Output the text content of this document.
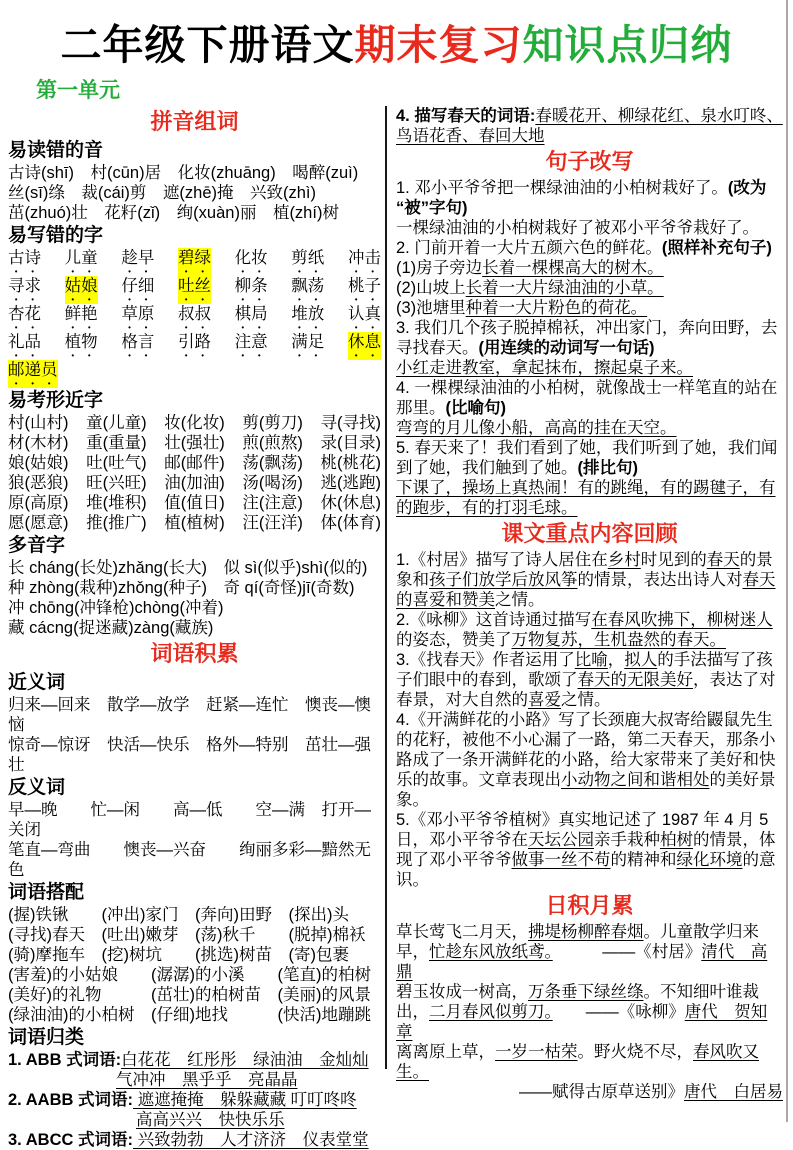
二年级下册语文期末复习知识点归纳
第一单元
拼音组词
易读错的音
古诗(shī)　村(cūn)居　化妆(zhuāng)　喝醉(zuì)
丝(sī)绦　裁(cái)剪　遮(zhē)掩　兴致(zhì)
茁(zhuó)壮　花籽(zǐ)　绚(xuàn)丽　植(zhí)树
易写错的字
古诗 儿童 趁早 碧绿 化妆 剪纸 冲击
寻求 姑娘 仔细 吐丝 柳条 飘荡 桃子
杏花 鲜艳 草原 叔叔 棋局 堆放 认真
礼品 植物 格言 引路 注意 满足 休息
邮递员
易考形近字
村(山村) 童(儿童) 妆(化妆) 剪(剪刀) 寻(寻找)
材(木材) 重(重量) 壮(强壮) 煎(煎熬) 录(目录)
娘(姑娘) 吐(吐气) 邮(邮件) 荡(飘荡) 桃(桃花)
狼(恶狼) 旺(兴旺) 油(加油) 汤(喝汤) 逃(逃跑)
原(高原) 堆(堆积) 值(值日) 注(注意) 休(休息)
愿(愿意) 推(推广) 植(植树) 汪(汪洋) 体(体育)
多音字
长 cháng(长处)zhǎng(长大)　似 sì(似乎)shì(似的)
种 zhòng(栽种)zhǒng(种子)　奇 qí(奇怪)jī(奇数)
冲 chōng(冲锋枪)chòng(冲着)
藏 cácng(捉迷藏)zàng(藏族)
词语积累
近义词
归来—回来　散学—放学　赶紧—连忙　懊丧—懊恼
惊奇—惊讶　快活—快乐　格外—特别　茁壮—强壮
反义词
早—晚　　忙—闲　　高—低　　空—满　打开—关闭
笔直—弯曲　　懊丧—兴奋　　绚丽多彩—黯然无色
词语搭配
(握)铁锹　　(冲出)家门　(奔向)田野　(探出)头
(寻找)春天　(吐出)嫩芽　(荡)秋千　　(脱掉)棉袄
(骑)摩拖车　(挖)树坑　　(挑选)树苗　(寄)包裹
(害羞)的小姑娘　　(潺潺)的小溪　　(笔直)的柏树
(美好)的礼物　　　(茁壮)的柏树苗　(美丽)的风景
(绿油油)的小柏树　(仔细)地找　　　(快活)地蹦跳
词语归类
1. ABB 式词语:白花花　红彤彤　绿油油　金灿灿
气冲冲　黑乎乎　亮晶晶
2. AABB 式词语: 遮遮掩掩　躲躲藏藏 叮叮咚咚
高高兴兴　快快乐乐
3. ABCC 式词语: 兴致勃勃　人才济济　仪表堂堂
4. 描写春天的词语:春暖花开、柳绿花红、泉水叮咚、鸟语花香、春回大地
句子改写
1. 邓小平爷爷把一棵绿油油的小柏树栽好了。(改为“被”字句)
一棵绿油油的小柏树栽好了被邓小平爷爷栽好了。
2. 门前开着一大片五颜六色的鲜花。(照样补充句子)
(1)房子旁边长着一棵棵高大的树木。
(2)山坡上长着一大片绿油油的小草。
(3)池塘里种着一大片粉色的荷花。
3. 我们几个孩子脱掉棉袄，冲出家门，奔向田野，去寻找春天。(用连续的动词写一句话)
小红走进教室，拿起抹布，擦起桌子来。
4. 一棵棵绿油油的小柏树，就像战士一样笔直的站在那里。(比喻句)
弯弯的月儿像小船，高高的挂在天空。
5. 春天来了！我们看到了她，我们听到了她，我们闻到了她，我们触到了她。(排比句)
下课了，操场上真热闹！有的跳绳，有的踢毽子，有的跑步，有的打羽毛球。
课文重点内容回顾
1.《村居》描写了诗人居住在乡村时见到的春天的景象和孩子们放学后放风筝的情景，表达出诗人对春天的喜爱和赞美之情。
2.《咏柳》这首诗通过描写在春风吹拂下，柳树迷人的姿态，赞美了万物复苏，生机盎然的春天。
3.《找春天》作者运用了比喻，拟人的手法描写了孩子们眼中的春到，歌颂了春天的无限美好，表达了对春景，对大自然的喜爱之情。
4.《开满鲜花的小路》写了长颈鹿大叔寄给鼹鼠先生的花籽，被他不小心漏了一路，第二天春天，那条小路成了一条开满鲜花的小路，给大家带来了美好和快乐的故事。文章表现出小动物之间和谐相处的美好景象。
5.《邓小平爷爷植树》真实地记述了 1987 年 4 月 5 日，邓小平爷爷在天坛公园亲手栽种柏树的情景，体现了邓小平爷爷做事一丝不苟的精神和绿化环境的意识。
日积月累
草长莺飞二月天，拂堤杨柳醉春烟。儿童散学归来早，忙趁东风放纸鸢。　　　——《村居》清代　高鼎
碧玉妆成一树高，万条垂下绿丝绦。不知细叶谁裁出，二月春风似剪刀。　　——《咏柳》唐代　贺知章
离离原上草，一岁一枯荣。野火烧不尽，春风吹又生。
——赋得古原草送别》唐代　白居易
